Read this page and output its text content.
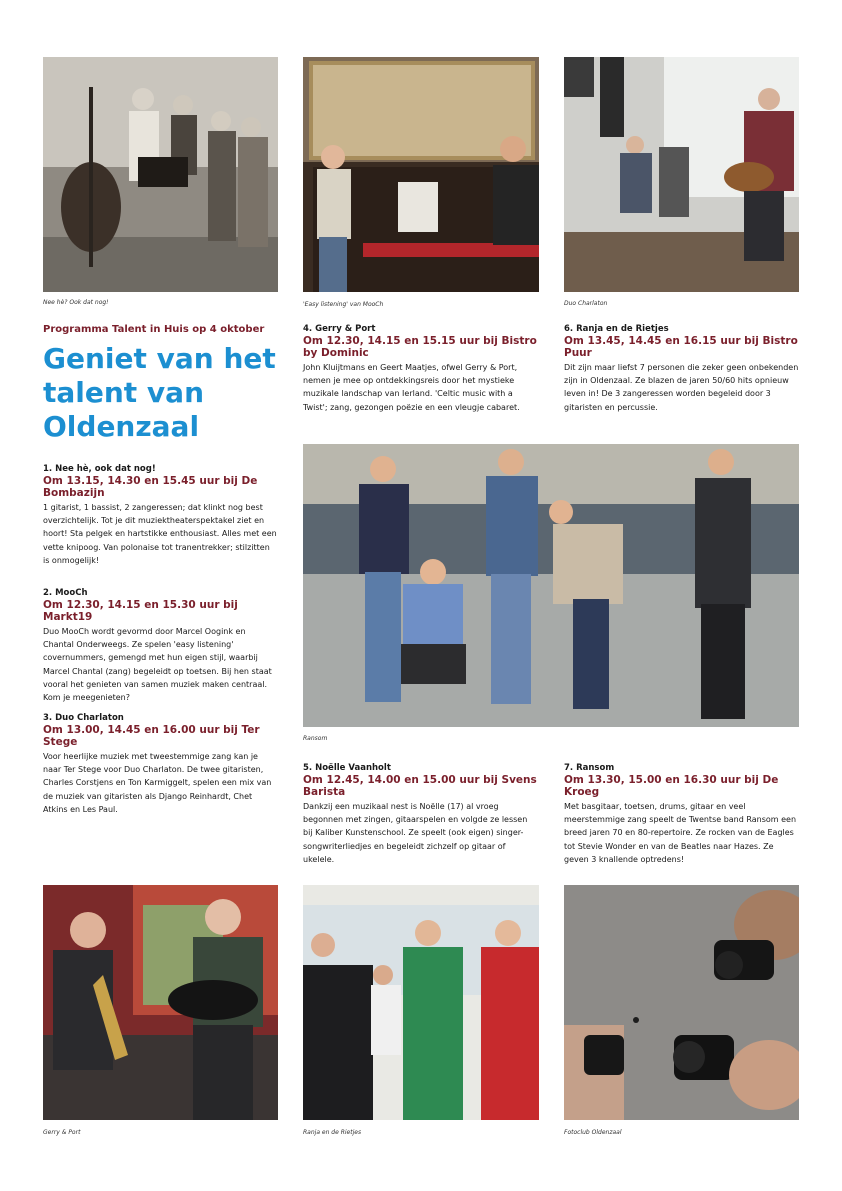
Nee hè? Ook dat nog!	'Easy listening' van MooCh	Duo Charlaton
Programma Talent in Huis op 4 oktober
Geniet van het talent van Oldenzaal
1. Nee hè, ook dat nog!
Om 13.15, 14.30 en 15.45 uur bij De Bombazijn
1 gitarist, 1 bassist, 2 zangeressen; dat klinkt nog best overzichtelijk. Tot je dit muziektheaterspektakel ziet en hoort! Sta pelgek en hartstikke enthousiast. Alles met een vette knipoog. Van polonaise tot tranentrekker; stilzitten is onmogelijk!
2. MooCh
Om 12.30, 14.15 en 15.30 uur bij Markt19
Duo MooCh wordt gevormd door Marcel Oogink en Chantal Onderweegs. Ze spelen 'easy listening' covernummers, gemengd met hun eigen stijl, waarbij Marcel Chantal (zang) begeleidt op toetsen. Bij hen staat vooral het genieten van samen muziek maken centraal. Kom je meegenieten?
3. Duo Charlaton
Om 13.00, 14.45 en 16.00 uur bij Ter Stege
Voor heerlijke muziek met tweestemmige zang kan je naar Ter Stege voor Duo Charlaton. De twee gitaristen, Charles Corstjens en Ton Karmiggelt, spelen een mix van de muziek van gitaristen als Django Reinhardt, Chet Atkins en Les Paul.
4. Gerry & Port
Om 12.30, 14.15 en 15.15 uur bij Bistro by Dominic
John Kluijtmans en Geert Maatjes, ofwel Gerry & Port, nemen je mee op ontdekkingsreis door het mystieke muzikale landschap van Ierland. 'Celtic music with a Twist'; zang, gezongen poëzie en een vleugje cabaret.
6. Ranja en de Rietjes
Om 13.45, 14.45 en 16.15 uur bij Bistro Puur
Dit zijn maar liefst 7 personen die zeker geen onbekenden zijn in Oldenzaal. Ze blazen de jaren 50/60 hits opnieuw leven in! De 3 zangeressen worden begeleid door 3 gitaristen en percussie.
Ransom
5. Noëlle Vaanholt
Om 12.45, 14.00 en 15.00 uur bij Svens Barista
Dankzij een muzikaal nest is Noëlle (17) al vroeg begonnen met zingen, gitaarspelen en volgde ze lessen bij Kaliber Kunstenschool. Ze speelt (ook eigen) singer-songwriterliedjes en begeleidt zichzelf op gitaar of ukelele.
7. Ransom
Om 13.30, 15.00 en 16.30 uur bij De Kroeg
Met basgitaar, toetsen, drums, gitaar en veel meerstemmige zang speelt de Twentse band Ransom een breed jaren 70 en 80-repertoire. Ze rocken van de Eagles tot Stevie Wonder en van de Beatles naar Hazes. Ze geven 3 knallende optredens!
Gerry & Port	Ranja en de Rietjes	Fotoclub Oldenzaal
